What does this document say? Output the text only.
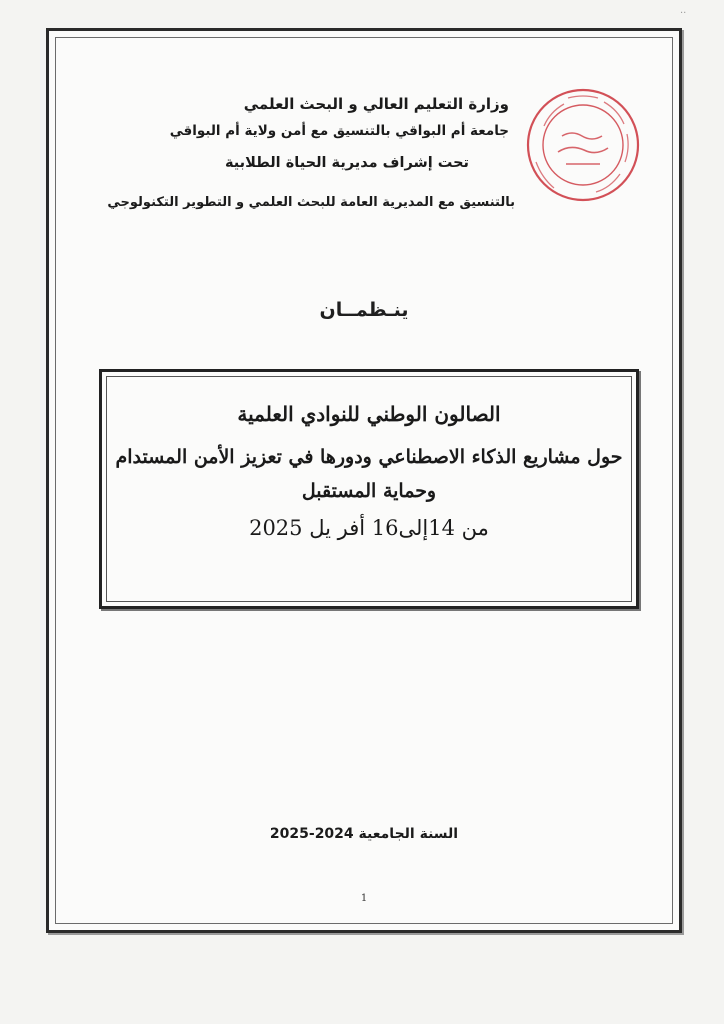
وزارة التعليم العالي و البحث العلمي
جامعة أم البواقي بالتنسيق مع أمن ولاية أم البواقي
تحت إشراف مديرية الحياة الطلابية
بالتنسيق مع المديرية العامة للبحث العلمي و التطوير التكنولوجي
ينـظمــان
الصالون الوطني للنوادي العلمية
حول مشاريع الذكاء الاصطناعي ودورها في تعزيز الأمن المستدام وحماية المستقبل
من 14إلى16 أفر يل 2025
السنة الجامعية 2024-2025
1
··
